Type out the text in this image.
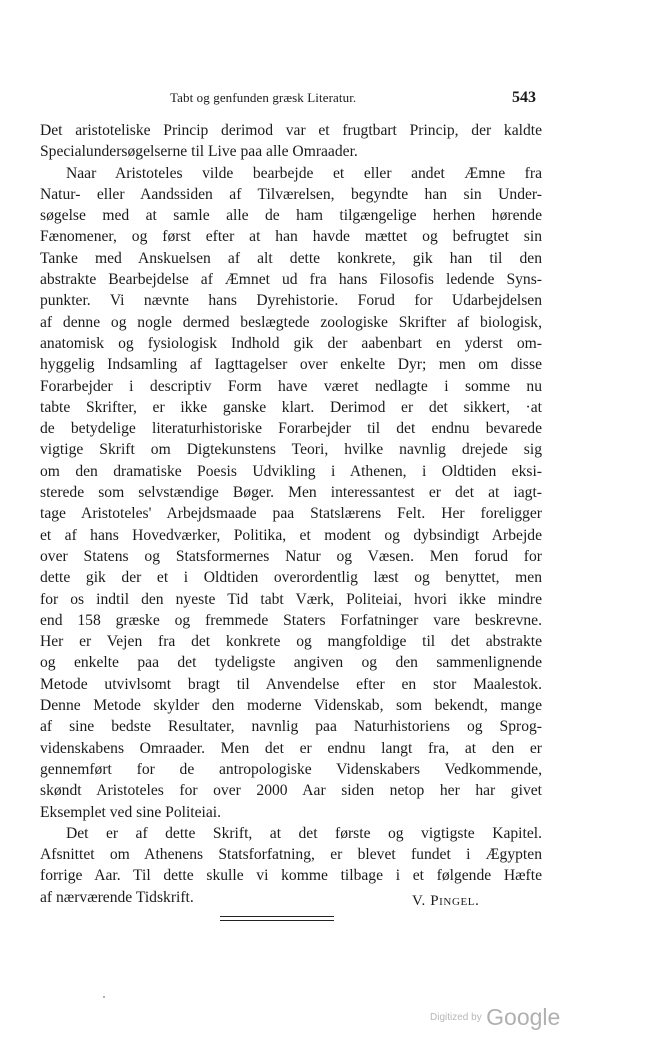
Tabt og genfunden græsk Literatur.	543
Det aristoteliske Princip derimod var et frugtbart Princip, der kaldte
Specialundersøgelserne til Live paa alle Omraader.
Naar Aristoteles vilde bearbejde et eller andet Æmne fra
Natur- eller Aandssiden af Tilværelsen, begyndte han sin Under-
søgelse med at samle alle de ham tilgængelige herhen hørende
Fænomener, og først efter at han havde mættet og befrugtet sin
Tanke med Anskuelsen af alt dette konkrete, gik han til den
abstrakte Bearbejdelse af Æmnet ud fra hans Filosofis ledende Syns-
punkter. Vi nævnte hans Dyrehistorie. Forud for Udarbejdelsen
af denne og nogle dermed beslægtede zoologiske Skrifter af biologisk,
anatomisk og fysiologisk Indhold gik der aabenbart en yderst om-
hyggelig Indsamling af Iagttagelser over enkelte Dyr; men om disse
Forarbejder i descriptiv Form have været nedlagte i somme nu
tabte Skrifter, er ikke ganske klart. Derimod er det sikkert, ·at
de betydelige literaturhistoriske Forarbejder til det endnu bevarede
vigtige Skrift om Digtekunstens Teori, hvilke navnlig drejede sig
om den dramatiske Poesis Udvikling i Athenen, i Oldtiden eksi-
sterede som selvstændige Bøger. Men interessantest er det at iagt-
tage Aristoteles' Arbejdsmaade paa Statslærens Felt. Her foreligger
et af hans Hovedværker, Politika, et modent og dybsindigt Arbejde
over Statens og Statsformernes Natur og Væsen. Men forud for
dette gik der et i Oldtiden overordentlig læst og benyttet, men
for os indtil den nyeste Tid tabt Værk, Politeiai, hvori ikke mindre
end 158 græske og fremmede Staters Forfatninger vare beskrevne.
Her er Vejen fra det konkrete og mangfoldige til det abstrakte
og enkelte paa det tydeligste angiven og den sammenlignende
Metode utvivlsomt bragt til Anvendelse efter en stor Maalestok.
Denne Metode skylder den moderne Videnskab, som bekendt, mange
af sine bedste Resultater, navnlig paa Naturhistoriens og Sprog-
videnskabens Omraader. Men det er endnu langt fra, at den er
gennemført for de antropologiske Videnskabers Vedkommende,
skøndt Aristoteles for over 2000 Aar siden netop her har givet
Eksemplet ved sine Politeiai.
Det er af dette Skrift, at det første og vigtigste Kapitel.
Afsnittet om Athenens Statsforfatning, er blevet fundet i Ægypten
forrige Aar. Til dette skulle vi komme tilbage i et følgende Hæfte
af nærværende Tidskrift.	V. Pingel.
Digitized by Google
